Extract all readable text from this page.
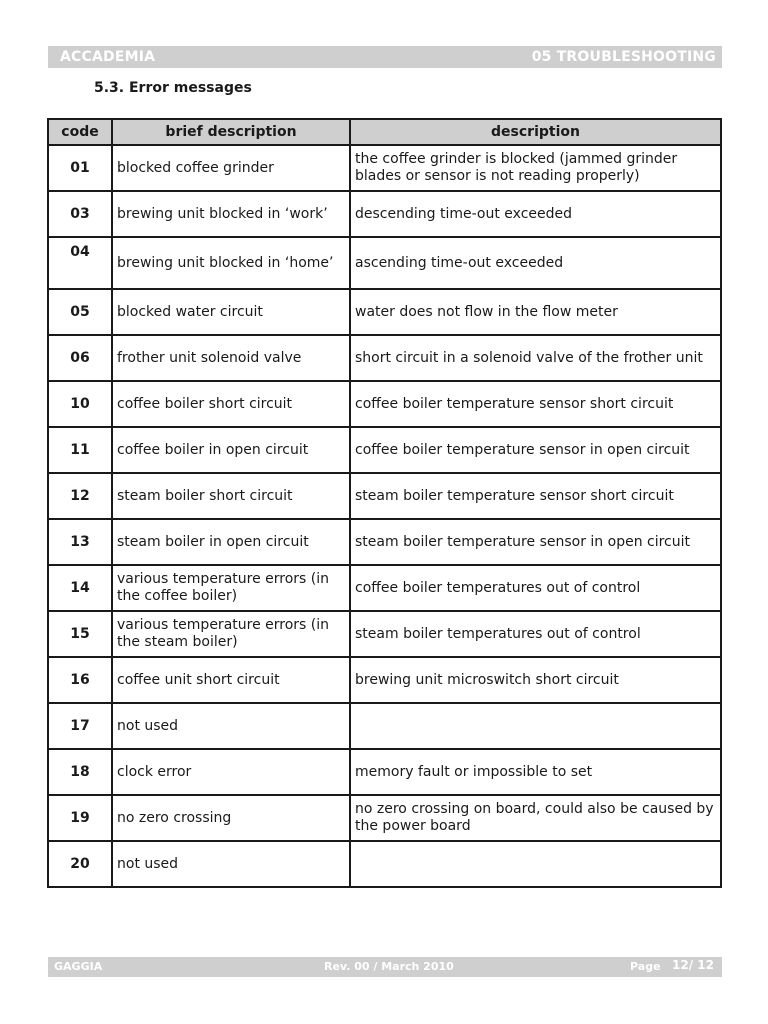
ACCADEMIA	05 TROUBLESHOOTING
5.3. Error messages
code	brief description	description
01	blocked coffee grinder	the coffee grinder is blocked (jammed grinder blades or sensor is not reading properly)
03	brewing unit blocked in ‘work’	descending time-out exceeded
04	brewing unit blocked in ‘home’	ascending time-out exceeded
05	blocked water circuit	water does not flow in the flow meter
06	frother unit solenoid valve	short circuit in a solenoid valve of the frother unit
10	coffee boiler short circuit	coffee boiler temperature sensor short circuit
11	coffee boiler in open circuit	coffee boiler temperature sensor in open circuit
12	steam boiler short circuit	steam boiler temperature sensor short circuit
13	steam boiler in open circuit	steam boiler temperature sensor in open circuit
14	various temperature errors (in the coffee boiler)	coffee boiler temperatures out of control
15	various temperature errors (in the steam boiler)	steam boiler temperatures out of control
16	coffee unit short circuit	brewing unit microswitch short circuit
17	not used	
18	clock error	memory fault or impossible to set
19	no zero crossing	no zero crossing on board, could also be caused by the power board
20	not used	
GAGGIA	Rev. 00 / March 2010	Page 12/ 12
